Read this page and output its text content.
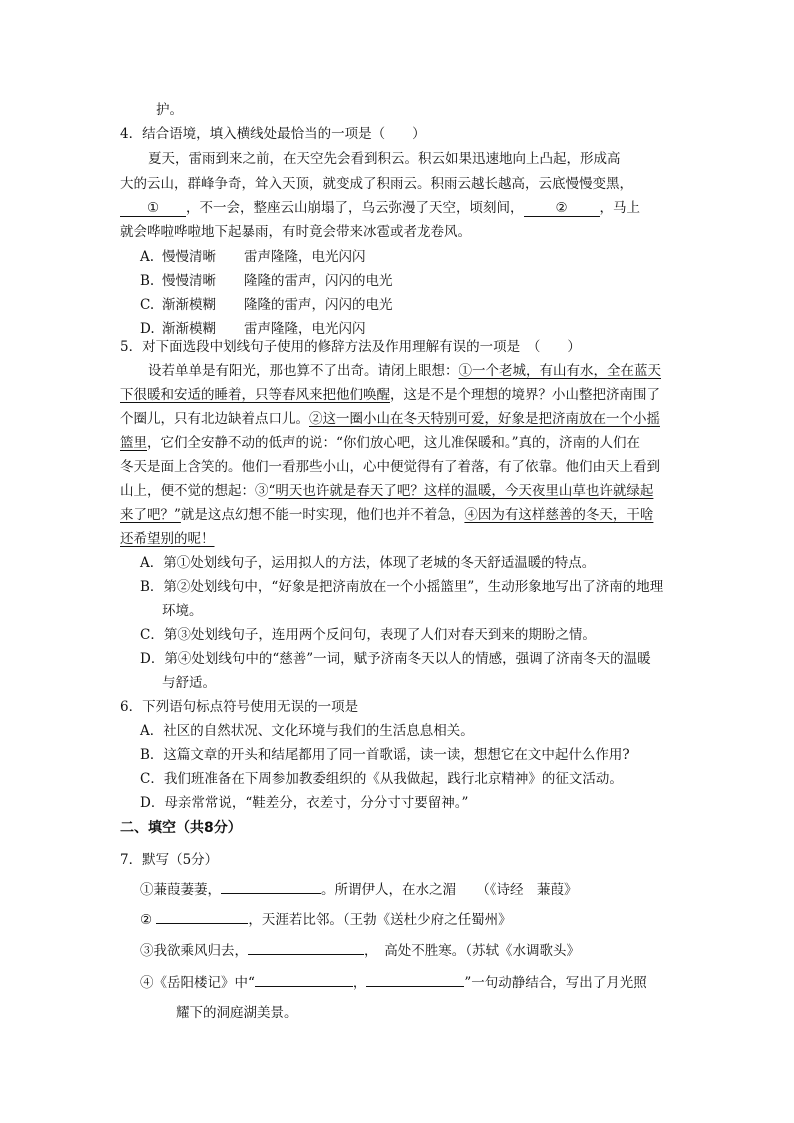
护。
4．结合语境，填入横线处最恰当的一项是（　　）
夏天，雷雨到来之前，在天空先会看到积云。积云如果迅速地向上凸起，形成高
大的云山，群峰争奇，耸入天顶，就变成了积雨云。积雨云越长越高，云底慢慢变黑，
① ，不一会，整座云山崩塌了，乌云弥漫了天空，顷刻间， ② ，马上
就会哗啦哗啦地下起暴雨，有时竟会带来冰雹或者龙卷风。
A. 慢慢清晰 雷声隆隆，电光闪闪
B. 慢慢清晰 隆隆的雷声，闪闪的电光
C. 渐渐模糊 隆隆的雷声，闪闪的电光
D. 渐渐模糊 雷声隆隆，电光闪闪
5．对下面选段中划线句子使用的修辞方法及作用理解有误的一项是　（　　）
设若单单是有阳光，那也算不了出奇。请闭上眼想：①一个老城，有山有水，全在蓝天
下很暖和安适的睡着，只等春风来把他们唤醒，这是不是个理想的境界？小山整把济南围了
个圈儿，只有北边缺着点口儿。②这一圈小山在冬天特别可爱，好象是把济南放在一个小摇
篮里，它们全安静不动的低声的说：“你们放心吧，这儿准保暖和。”真的，济南的人们在
冬天是面上含笑的。他们一看那些小山，心中便觉得有了着落，有了依靠。他们由天上看到
山上，便不觉的想起：③“明天也许就是春天了吧？这样的温暖，今天夜里山草也许就绿起
来了吧？”就是这点幻想不能一时实现，他们也并不着急，④因为有这样慈善的冬天，干啥
还希望别的呢！
A．第①处划线句子，运用拟人的方法，体现了老城的冬天舒适温暖的特点。
B．第②处划线句中，“好象是把济南放在一个小摇篮里”，生动形象地写出了济南的地理
环境。
C．第③处划线句子，连用两个反问句，表现了人们对春天到来的期盼之情。
D．第④处划线句中的“慈善”一词，赋予济南冬天以人的情感，强调了济南冬天的温暖
与舒适。
6．下列语句标点符号使用无误的一项是
A．社区的自然状况、文化环境与我们的生活息息相关。
B．这篇文章的开头和结尾都用了同一首歌谣，读一读，想想它在文中起什么作用?
C．我们班准备在下周参加教委组织的《从我做起，践行北京精神》的征文活动。
D．母亲常常说，“鞋差分，衣差寸，分分寸寸要留神。”
二、填空（共8分）
7．默写（5分）
①蒹葭萋萋，	。所谓伊人，在水之湄　　（《诗经　蒹葭》
②	，天涯若比邻。（王勃《送杜少府之任蜀州》
③我欲乘风归去，	，　高处不胜寒。（苏轼《水调歌头》
④《岳阳楼记》中“	，	”一句动静结合，写出了月光照
耀下的洞庭湖美景。
